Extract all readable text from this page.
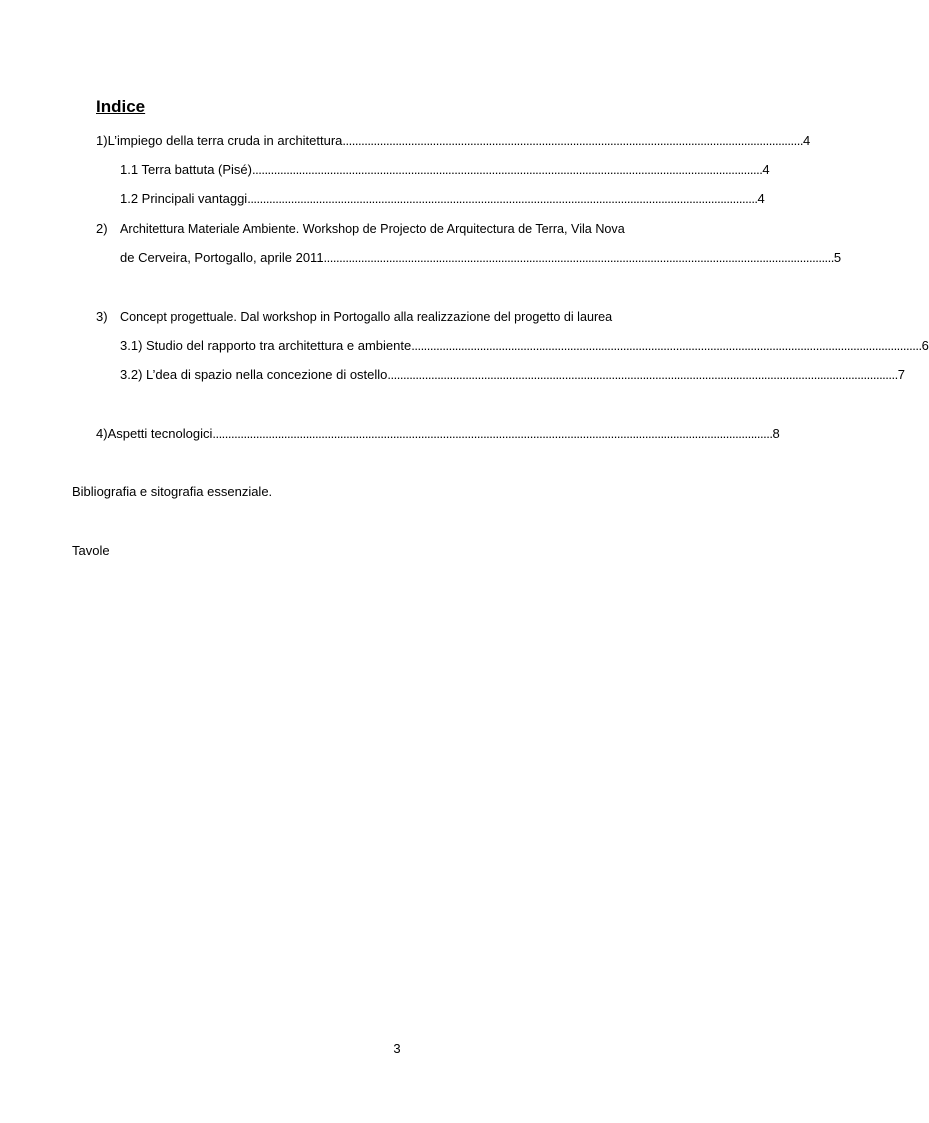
Indice
1) L’impiego della terra cruda in architettura .................................................................................................................................................... 4
1.1 Terra battuta (Pisé) .................................................................................................................................................................... 4
1.2 Principali vantaggi .................................................................................................................................................................... 4
2) Architettura Materiale Ambiente. Workshop de Projecto de Arquitectura de Terra, Vila Nova
de Cerveira, Portogallo, aprile 2011 .................................................................................................................................................................... 5
3) Concept progettuale. Dal workshop in Portogallo alla realizzazione del progetto di laurea
3.1) Studio del rapporto tra architettura e ambiente .................................................................................................................................................................... 6
3.2) L’dea di spazio nella concezione di ostello .................................................................................................................................................................... 7
4) Aspetti tecnologici .................................................................................................................................................................................... 8
Bibliografia e sitografia essenziale.
Tavole
3
